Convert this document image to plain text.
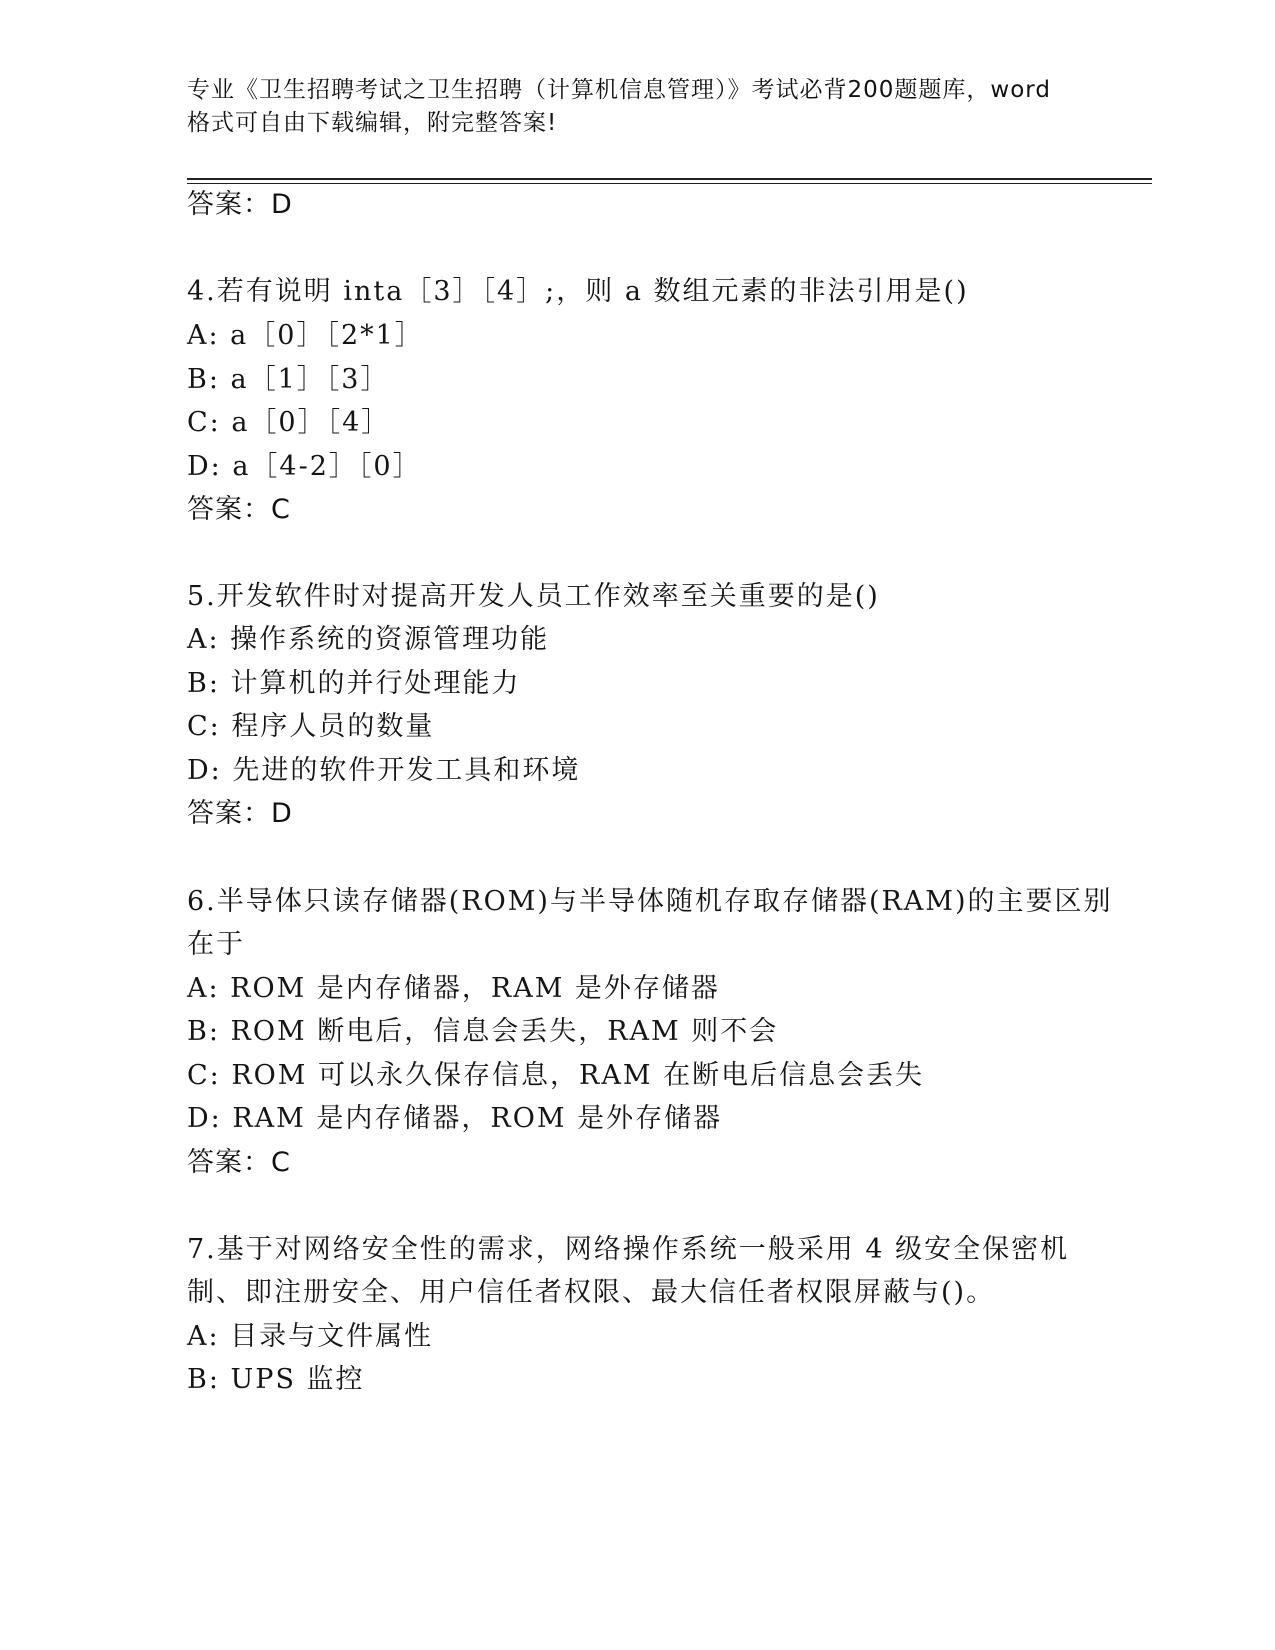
专业《卫生招聘考试之卫生招聘（计算机信息管理）》考试必背200题题库，word
格式可自由下载编辑，附完整答案!
答案：D
4.若有说明 inta［3］［4］;，则 a 数组元素的非法引用是()
A: a［0］［2*1］
B: a［1］［3］
C: a［0］［4］
D: a［4-2］［0］
答案：C
5.开发软件时对提高开发人员工作效率至关重要的是()
A: 操作系统的资源管理功能
B: 计算机的并行处理能力
C: 程序人员的数量
D: 先进的软件开发工具和环境
答案：D
6.半导体只读存储器(ROM)与半导体随机存取存储器(RAM)的主要区别
在于
A: ROM 是内存储器，RAM 是外存储器
B: ROM 断电后，信息会丢失，RAM 则不会
C: ROM 可以永久保存信息，RAM 在断电后信息会丢失
D: RAM 是内存储器，ROM 是外存储器
答案：C
7.基于对网络安全性的需求，网络操作系统一般采用 4 级安全保密机
制、即注册安全、用户信任者权限、最大信任者权限屏蔽与()。
A: 目录与文件属性
B: UPS 监控
